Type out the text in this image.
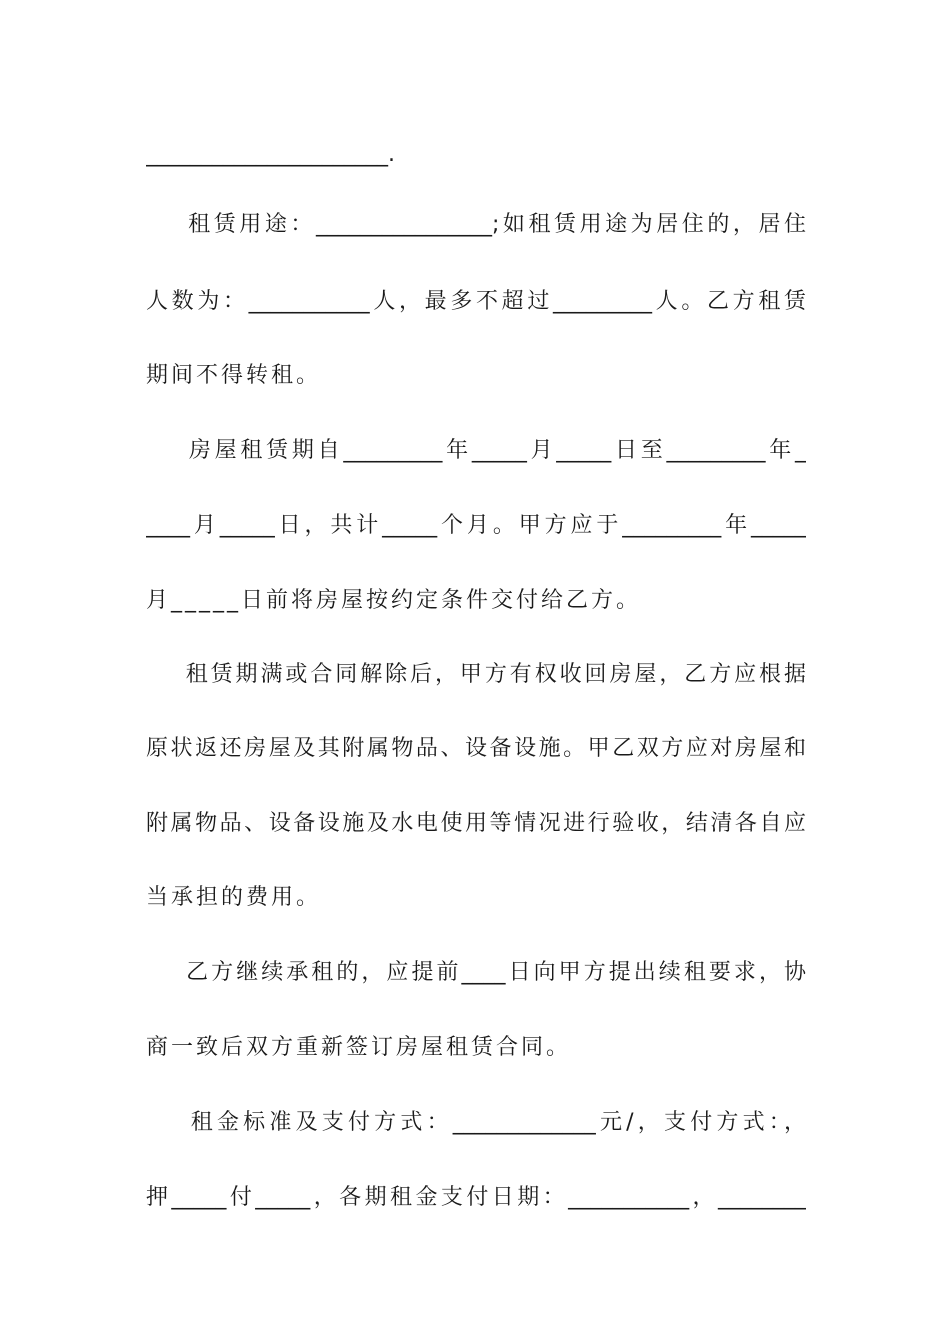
______________________.
租赁用途：________________;如租赁用途为居住的，居住
人数为：___________人，最多不超过_________人。乙方租赁
期间不得转租。
房屋租赁期自_________年_____月_____日至_________年_
____月_____日，共计_____个月。甲方应于_________年_____
月_____日前将房屋按约定条件交付给乙方。
租赁期满或合同解除后，甲方有权收回房屋，乙方应根据
原状返还房屋及其附属物品、设备设施。甲乙双方应对房屋和
附属物品、设备设施及水电使用等情况进行验收，结清各自应
当承担的费用。
乙方继续承租的，应提前____日向甲方提出续租要求，协
商一致后双方重新签订房屋租赁合同。
租金标准及支付方式：_____________元/，支付方式：，
押_____付_____，各期租金支付日期：___________，________
